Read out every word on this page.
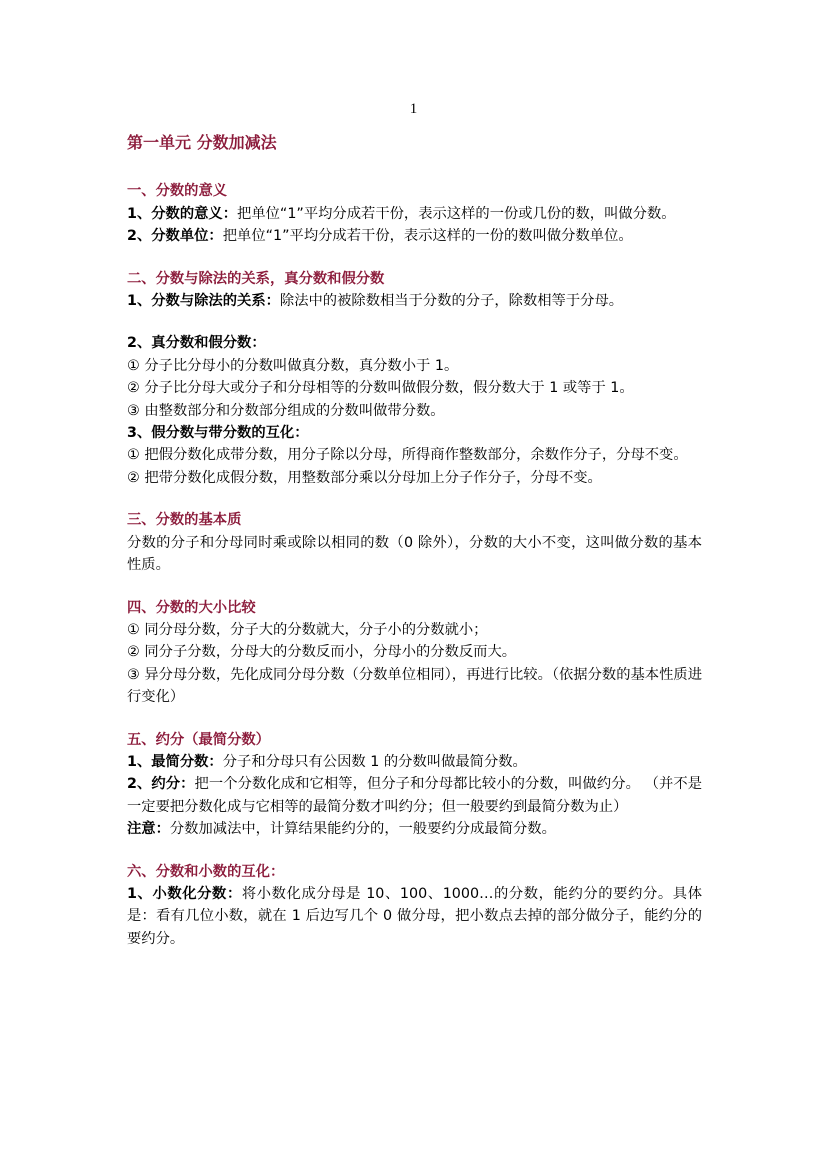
1
第一单元 分数加减法
一、分数的意义

1、分数的意义：把单位“1”平均分成若干份，表示这样的一份或几份的数，叫做分数。

2、分数单位：把单位“1”平均分成若干份，表示这样的一份的数叫做分数单位。

二、分数与除法的关系，真分数和假分数

1、分数与除法的关系：除法中的被除数相当于分数的分子，除数相等于分母。

2、真分数和假分数：

① 分子比分母小的分数叫做真分数，真分数小于 1。

② 分子比分母大或分子和分母相等的分数叫做假分数，假分数大于 1 或等于 1。

③ 由整数部分和分数部分组成的分数叫做带分数。

3、假分数与带分数的互化：

① 把假分数化成带分数，用分子除以分母，所得商作整数部分，余数作分子，分母不变。

② 把带分数化成假分数，用整数部分乘以分母加上分子作分子，分母不变。

三、分数的基本质

分数的分子和分母同时乘或除以相同的数（0 除外），分数的大小不变，这叫做分数的基本性质。

四、分数的大小比较

① 同分母分数，分子大的分数就大，分子小的分数就小；

② 同分子分数，分母大的分数反而小，分母小的分数反而大。

③ 异分母分数，先化成同分母分数（分数单位相同），再进行比较。（依据分数的基本性质进行变化）

五、约分（最简分数）

1、最简分数：分子和分母只有公因数 1 的分数叫做最简分数。

2、约分：把一个分数化成和它相等，但分子和分母都比较小的分数，叫做约分。 （并不是一定要把分数化成与它相等的最简分数才叫约分；但一般要约到最简分数为止）

注意：分数加减法中，计算结果能约分的，一般要约分成最简分数。

六、分数和小数的互化：

1、小数化分数：将小数化成分母是 10、100、1000…的分数，能约分的要约分。具体是：看有几位小数，就在 1 后边写几个 0 做分母，把小数点去掉的部分做分子，能约分的要约分。
